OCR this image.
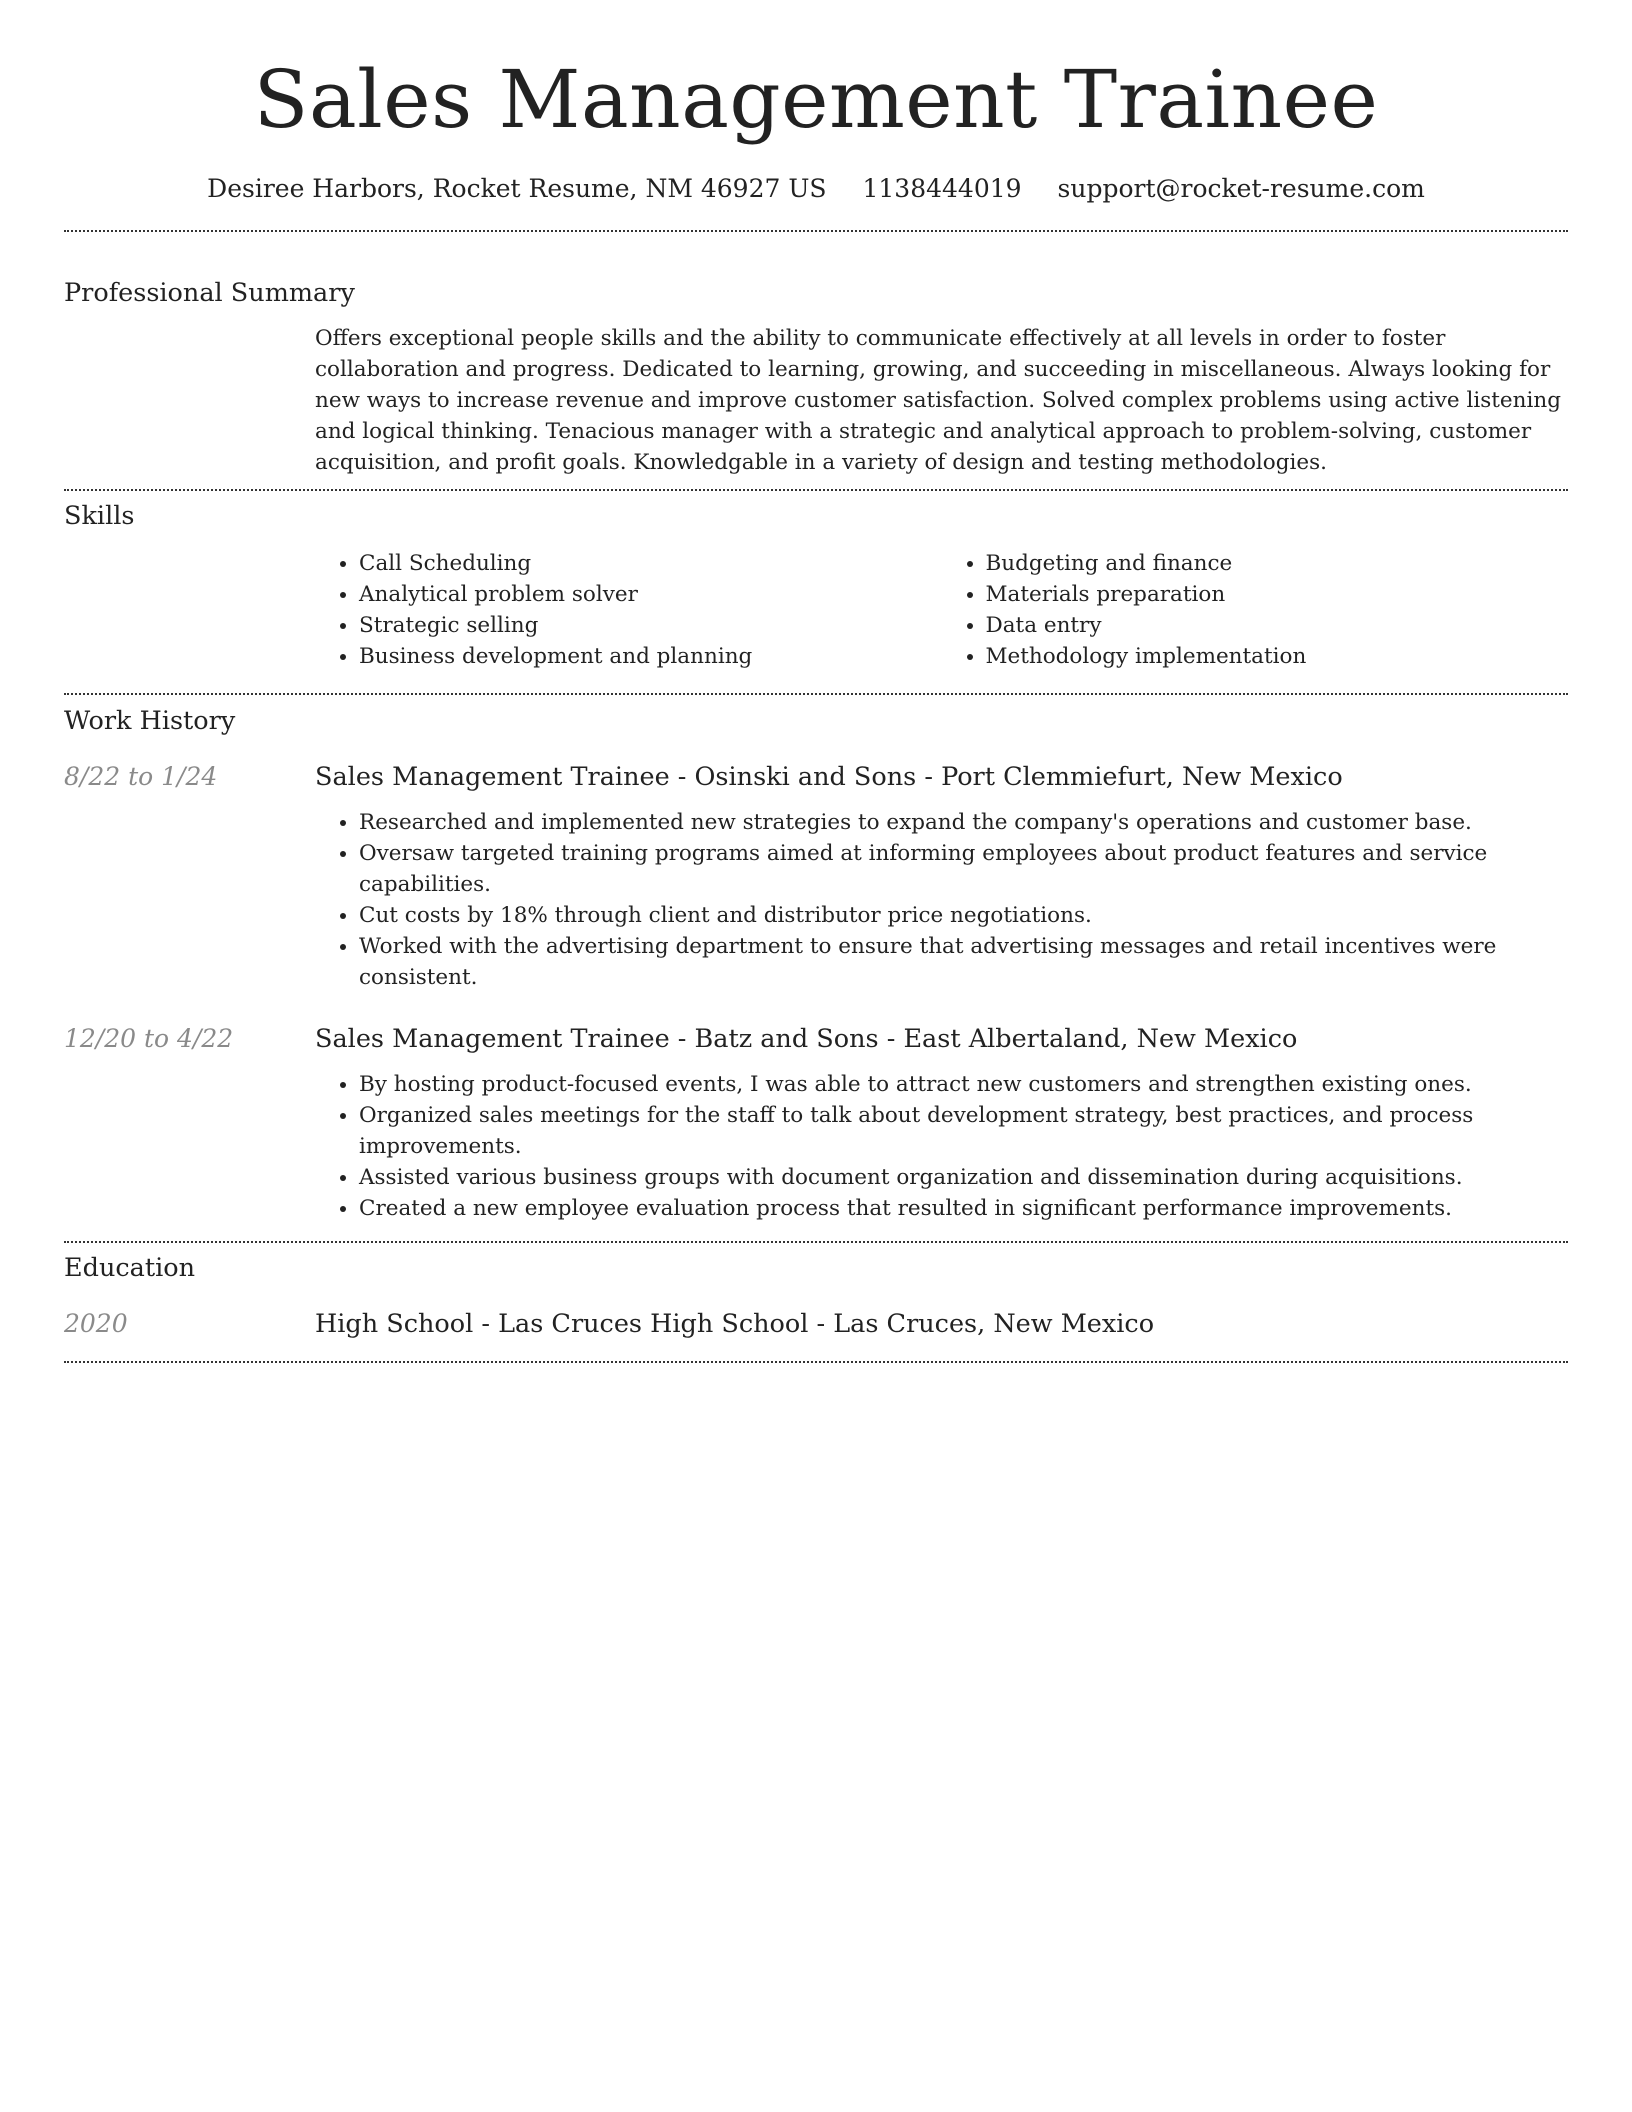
Sales Management Trainee
Desiree Harbors, Rocket Resume, NM 46927 US 1138444019 support@rocket-resume.com
Professional Summary
Offers exceptional people skills and the ability to communicate effectively at all levels in order to foster collaboration and progress. Dedicated to learning, growing, and succeeding in miscellaneous. Always looking for new ways to increase revenue and improve customer satisfaction. Solved complex problems using active listening and logical thinking. Tenacious manager with a strategic and analytical approach to problem-solving, customer acquisition, and profit goals. Knowledgable in a variety of design and testing methodologies.
Skills
• Call Scheduling
• Analytical problem solver
• Strategic selling
• Business development and planning
• Budgeting and finance
• Materials preparation
• Data entry
• Methodology implementation
Work History
8/22 to 1/24	Sales Management Trainee - Osinski and Sons - Port Clemmiefurt, New Mexico
• Researched and implemented new strategies to expand the company's operations and customer base.
• Oversaw targeted training programs aimed at informing employees about product features and service capabilities.
• Cut costs by 18% through client and distributor price negotiations.
• Worked with the advertising department to ensure that advertising messages and retail incentives were consistent.
12/20 to 4/22	Sales Management Trainee - Batz and Sons - East Albertaland, New Mexico
• By hosting product-focused events, I was able to attract new customers and strengthen existing ones.
• Organized sales meetings for the staff to talk about development strategy, best practices, and process improvements.
• Assisted various business groups with document organization and dissemination during acquisitions.
• Created a new employee evaluation process that resulted in significant performance improvements.
Education
2020	High School - Las Cruces High School - Las Cruces, New Mexico
